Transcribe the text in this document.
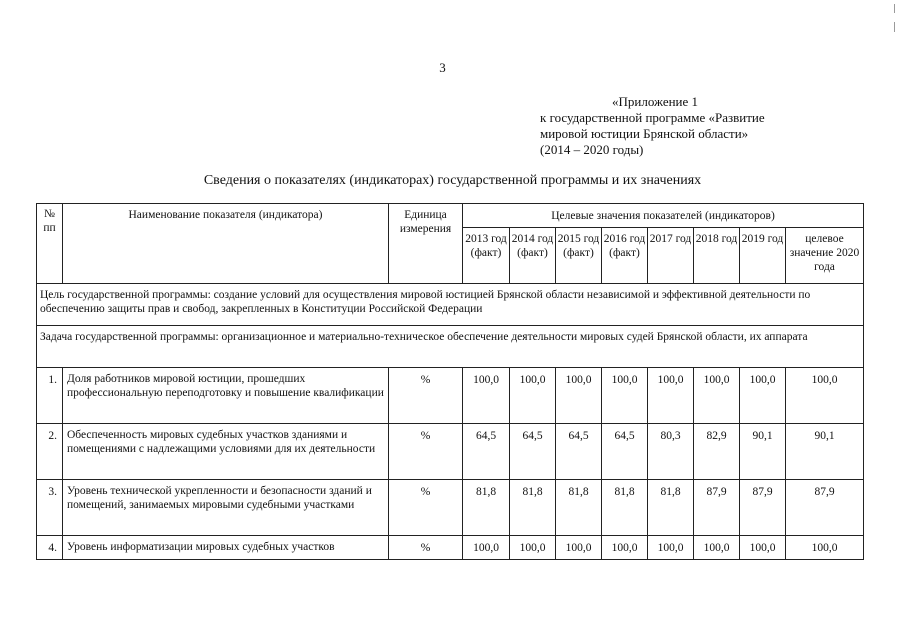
3
«Приложение 1
к государственной программе «Развитие
мировой юстиции Брянской области»
(2014 – 2020 годы)
Сведения о показателях (индикаторах) государственной программы и их значениях
№ пп	Наименование показателя (индикатора)	Единица измерения	Целевые значения показателей (индикаторов)							
			2013 год (факт)	2014 год (факт)	2015 год (факт)	2016 год (факт)	2017 год	2018 год	2019 год	целевое значение 2020 года
Цель государственной программы: создание условий для осуществления мировой юстицией Брянской области независимой и эффективной деятельности по обеспечению защиты прав и свобод, закрепленных в Конституции Российской Федерации										
Задача государственной программы: организационное и материально-техническое обеспечение деятельности мировых судей Брянской области, их аппарата										
1.	Доля работников мировой юстиции, прошедших профессиональную переподготовку и повышение квалификации	%	100,0	100,0	100,0	100,0	100,0	100,0	100,0	100,0
2.	Обеспеченность мировых судебных участков зданиями и помещениями с надлежащими условиями для их деятельности	%	64,5	64,5	64,5	64,5	80,3	82,9	90,1	90,1
3.	Уровень технической укрепленности и безопасности зданий и помещений, занимаемых мировыми судебными участками	%	81,8	81,8	81,8	81,8	81,8	87,9	87,9	87,9
4.	Уровень информатизации мировых судебных участков	%	100,0	100,0	100,0	100,0	100,0	100,0	100,0	100,0
